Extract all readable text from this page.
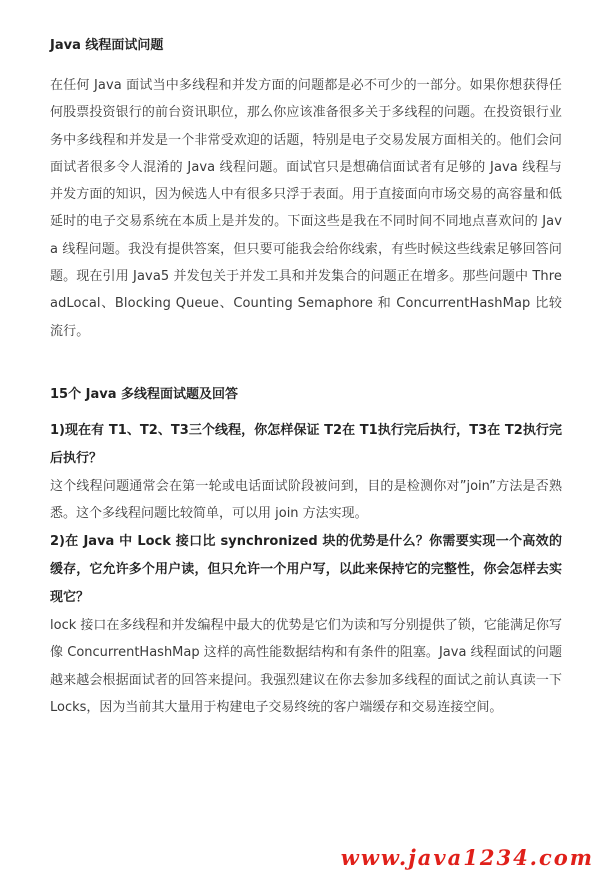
Java 线程面试问题

在任何 Java 面试当中多线程和并发方面的问题都是必不可少的一部分。如果你想获得任何股票投资银行的前台资讯职位，那么你应该准备很多关于多线程的问题。在投资银行业务中多线程和并发是一个非常受欢迎的话题，特别是电子交易发展方面相关的。他们会问面试者很多令人混淆的 Java 线程问题。面试官只是想确信面试者有足够的 Java 线程与并发方面的知识，因为候选人中有很多只浮于表面。用于直接面向市场交易的高容量和低延时的电子交易系统在本质上是并发的。下面这些是我在不同时间不同地点喜欢问的 Java 线程问题。我没有提供答案，但只要可能我会给你线索，有些时候这些线索足够回答问题。现在引用 Java5 并发包关于并发工具和并发集合的问题正在增多。那些问题中 ThreadLocal、Blocking Queue、Counting Semaphore 和 ConcurrentHashMap 比较流行。

15个 Java 多线程面试题及回答

1)现在有 T1、T2、T3三个线程，你怎样保证 T2在 T1执行完后执行，T3在 T2执行完后执行？

这个线程问题通常会在第一轮或电话面试阶段被问到，目的是检测你对”join”方法是否熟悉。这个多线程问题比较简单，可以用 join 方法实现。

2)在 Java 中 Lock 接口比 synchronized 块的优势是什么？你需要实现一个高效的缓存，它允许多个用户读，但只允许一个用户写，以此来保持它的完整性，你会怎样去实现它？

lock 接口在多线程和并发编程中最大的优势是它们为读和写分别提供了锁，它能满足你写像 ConcurrentHashMap 这样的高性能数据结构和有条件的阻塞。Java 线程面试的问题越来越会根据面试者的回答来提问。我强烈建议在你去参加多线程的面试之前认真读一下 Locks，因为当前其大量用于构建电子交易终统的客户端缓存和交易连接空间。

www.java1234.com
